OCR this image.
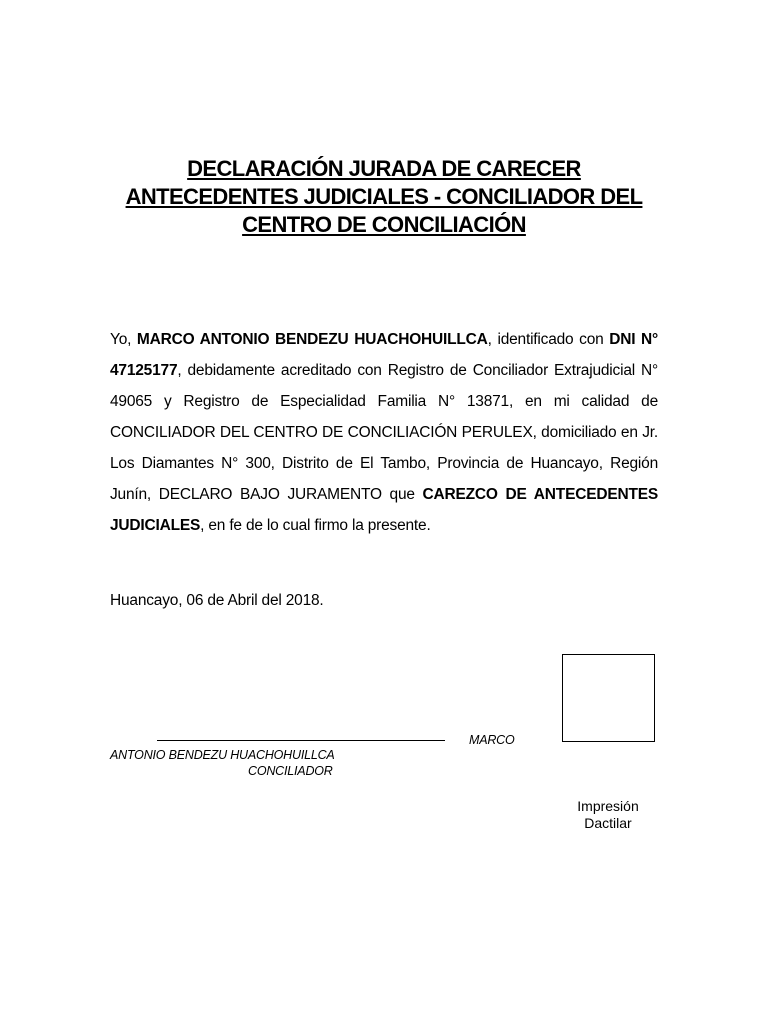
DECLARACIÓN JURADA DE CARECER
ANTECEDENTES JUDICIALES - CONCILIADOR DEL
CENTRO DE CONCILIACIÓN
Yo, MARCO ANTONIO BENDEZU HUACHOHUILLCA, identificado con DNI N° 47125177, debidamente acreditado con Registro de Conciliador Extrajudicial N° 49065 y Registro de Especialidad Familia N° 13871, en mi calidad de CONCILIADOR DEL CENTRO DE CONCILIACIÓN PERULEX, domiciliado en Jr. Los Diamantes N° 300, Distrito de El Tambo, Provincia de Huancayo, Región Junín, DECLARO BAJO JURAMENTO que CAREZCO DE ANTECEDENTES JUDICIALES, en fe de lo cual firmo la presente.
Huancayo, 06 de Abril del 2018.
MARCO
ANTONIO BENDEZU HUACHOHUILLCA
CONCILIADOR
Impresión
Dactilar
